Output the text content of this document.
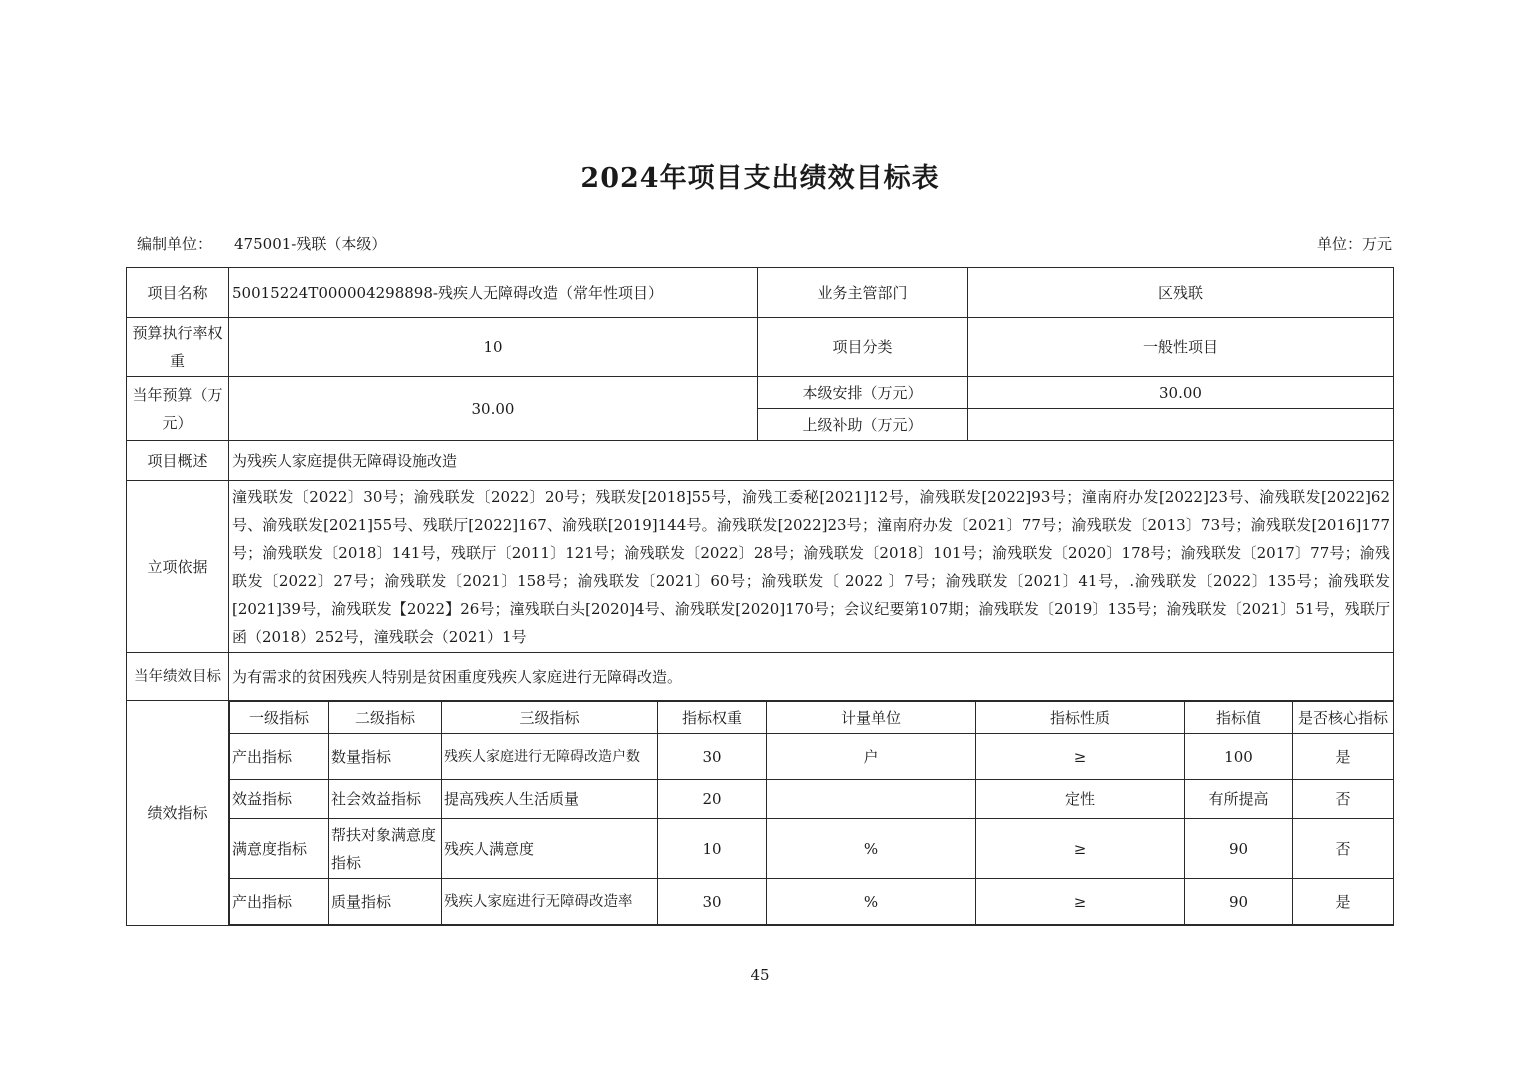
2024年项目支出绩效目标表
编制单位： 475001-残联（本级）	单位：万元
项目名称	50015224T000004298898-残疾人无障碍改造（常年性项目）	业务主管部门	区残联
预算执行率权重	10	项目分类	一般性项目
当年预算（万元）	30.00	本级安排（万元）	30.00
上级补助（万元）	
项目概述	为残疾人家庭提供无障碍设施改造
立项依据	潼残联发〔2022〕30号；渝残联发〔2022〕20号；残联发[2018]55号，渝残工委秘[2021]12号，渝残联发[2022]93号；潼南府办发[2022]23号、渝残联发[2022]62号、渝残联发[2021]55号、残联厅[2022]167、渝残联[2019]144号。渝残联发[2022]23号；潼南府办发〔2021〕77号；渝残联发〔2013〕73号；渝残联发[2016]177号；渝残联发〔2018〕141号，残联厅〔2011〕121号；渝残联发〔2022〕28号；渝残联发〔2018〕101号；渝残联发〔2020〕178号；渝残联发〔2017〕77号；渝残联发〔2022〕27号；渝残联发〔2021〕158号；渝残联发〔2021〕60号；渝残联发〔 2022 〕7号；渝残联发〔2021〕41号，.渝残联发〔2022〕135号；渝残联发[2021]39号，渝残联发【2022】26号；潼残联白头[2020]4号、渝残联发[2020]170号；会议纪要第107期；渝残联发〔2019〕135号；渝残联发〔2021〕51号，残联厅函（2018）252号，潼残联会（2021）1号
当年绩效目标	为有需求的贫困残疾人特别是贫困重度残疾人家庭进行无障碍改造。
绩效指标	
一级指标	二级指标	三级指标	指标权重	计量单位	指标性质	指标值	是否核心指标
产出指标	数量指标	残疾人家庭进行无障碍改造户数	30	户	≥	100	是
效益指标	社会效益指标	提高残疾人生活质量	20		定性	有所提高	否
满意度指标	帮扶对象满意度指标	残疾人满意度	10	%	≥	90	否
产出指标	质量指标	残疾人家庭进行无障碍改造率	30	%	≥	90	是
45
